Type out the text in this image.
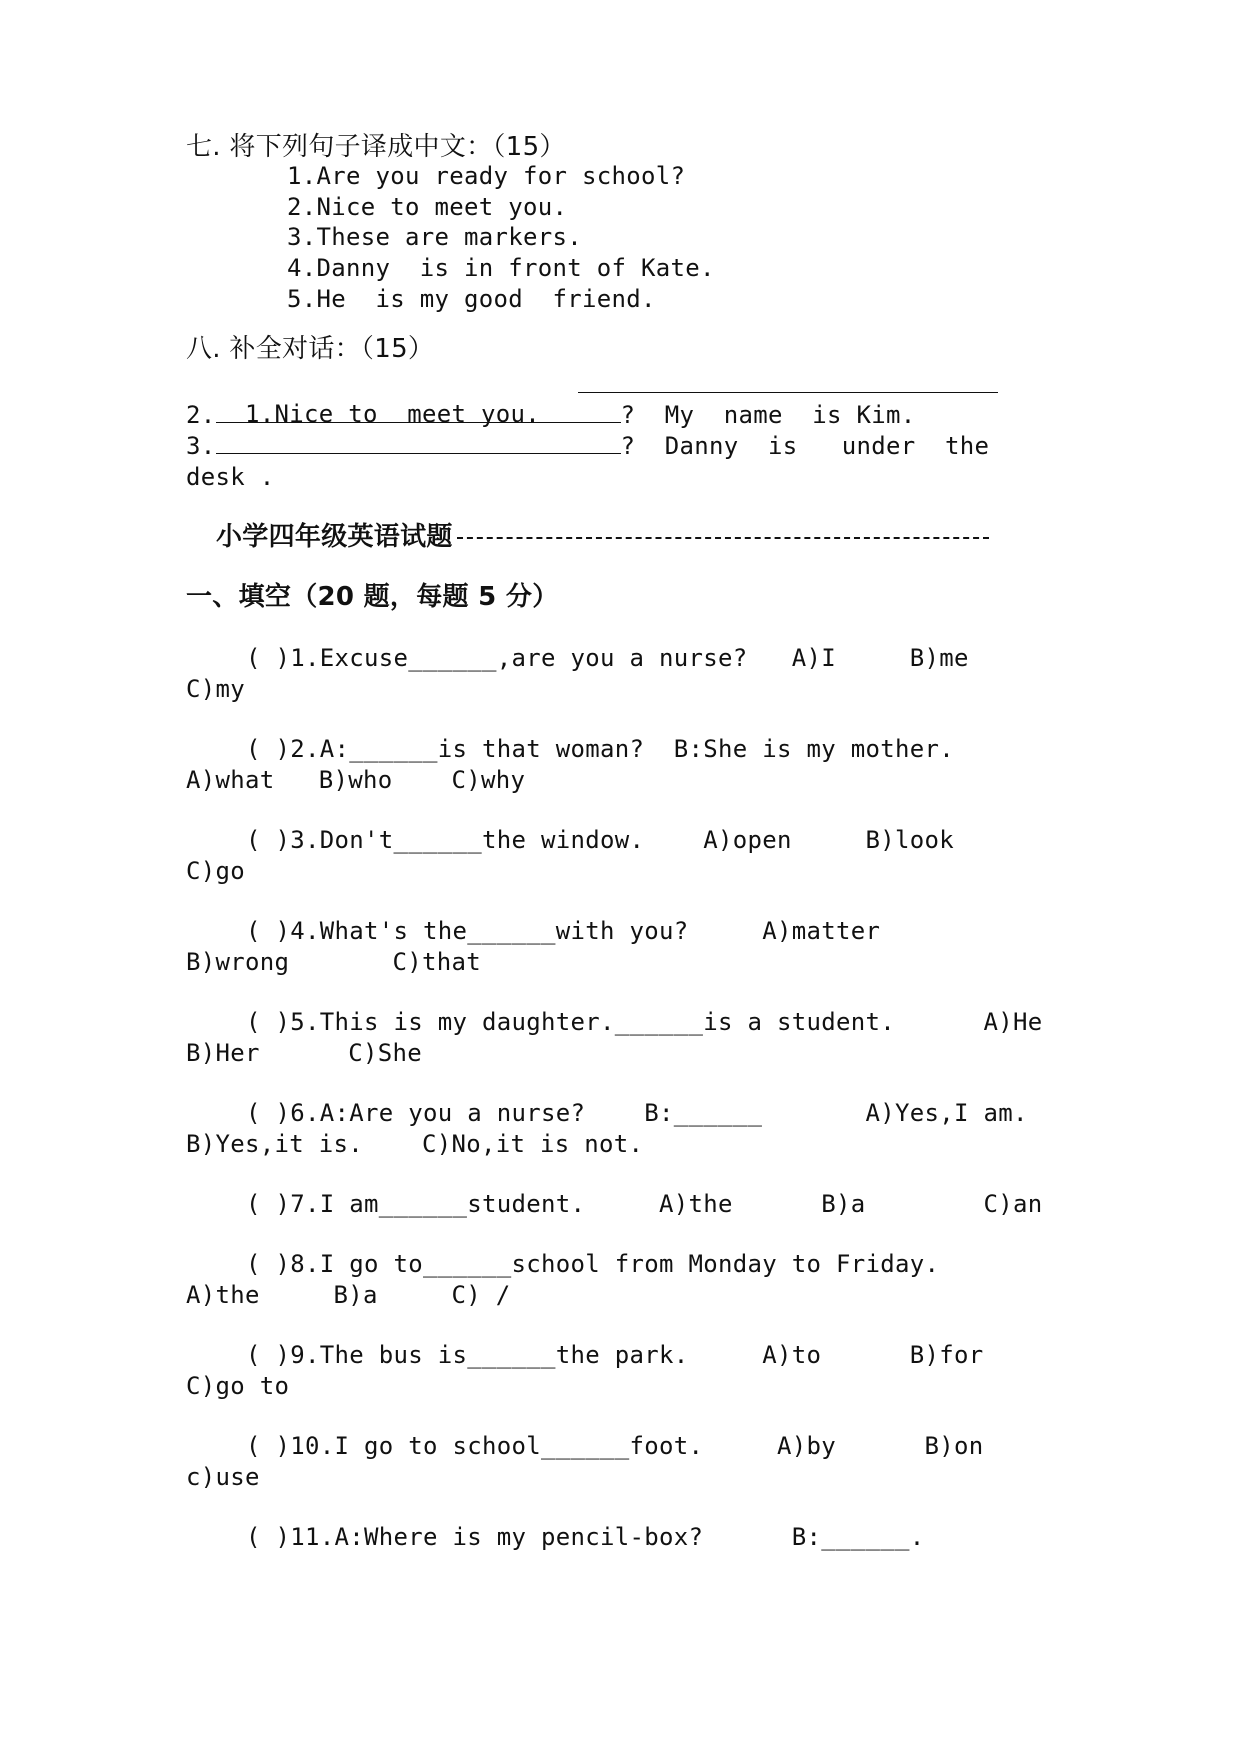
七. 将下列句子译成中文：（15）
1.Are you ready for school?
2.Nice to meet you.
3.These are markers.
4.Danny  is in front of Kate.
5.He  is my good  friend.
八. 补全对话：（15）

1.Nice to  meet you.

2.	?  My  name  is Kim.
3.	?  Danny  is   under  the
desk .
小学四年级英语试题
一、填空（20 题，每题 5 分）
( )1.Excuse______,are you a nurse?   A)I     B)me
C)my
( )2.A:______is that woman?  B:She is my mother.
A)what   B)who    C)why
( )3.Don't______the window.    A)open     B)look
C)go
( )4.What's the______with you?     A)matter
B)wrong       C)that
( )5.This is my daughter.______is a student.      A)He
B)Her      C)She
( )6.A:Are you a nurse?    B:______       A)Yes,I am.
B)Yes,it is.    C)No,it is not.
( )7.I am______student.     A)the      B)a        C)an
( )8.I go to______school from Monday to Friday.
A)the     B)a     C) /
( )9.The bus is______the park.     A)to      B)for
C)go to
( )10.I go to school______foot.     A)by      B)on
c)use
( )11.A:Where is my pencil-box?      B:______.
